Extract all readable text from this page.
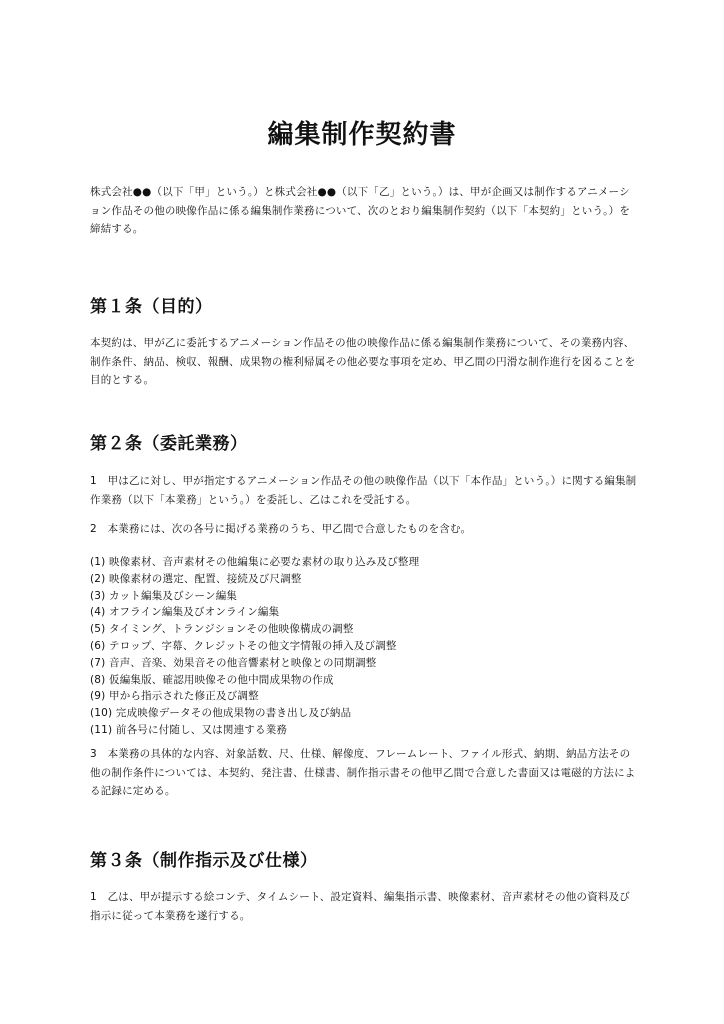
編集制作契約書
株式会社●●（以下「甲」という。）と株式会社●●（以下「乙」という。）は、甲が企画又は制作するアニメーション作品その他の映像作品に係る編集制作業務について、次のとおり編集制作契約（以下「本契約」という。）を締結する。
第１条（目的）
本契約は、甲が乙に委託するアニメーション作品その他の映像作品に係る編集制作業務について、その業務内容、制作条件、納品、検収、報酬、成果物の権利帰属その他必要な事項を定め、甲乙間の円滑な制作進行を図ることを目的とする。
第２条（委託業務）
1　甲は乙に対し、甲が指定するアニメーション作品その他の映像作品（以下「本作品」という。）に関する編集制作業務（以下「本業務」という。）を委託し、乙はこれを受託する。
2　本業務には、次の各号に掲げる業務のうち、甲乙間で合意したものを含む。
(1) 映像素材、音声素材その他編集に必要な素材の取り込み及び整理
(2) 映像素材の選定、配置、接続及び尺調整
(3) カット編集及びシーン編集
(4) オフライン編集及びオンライン編集
(5) タイミング、トランジションその他映像構成の調整
(6) テロップ、字幕、クレジットその他文字情報の挿入及び調整
(7) 音声、音楽、効果音その他音響素材と映像との同期調整
(8) 仮編集版、確認用映像その他中間成果物の作成
(9) 甲から指示された修正及び調整
(10) 完成映像データその他成果物の書き出し及び納品
(11) 前各号に付随し、又は関連する業務
3　本業務の具体的な内容、対象話数、尺、仕様、解像度、フレームレート、ファイル形式、納期、納品方法その他の制作条件については、本契約、発注書、仕様書、制作指示書その他甲乙間で合意した書面又は電磁的方法による記録に定める。
第３条（制作指示及び仕様）
1　乙は、甲が提示する絵コンテ、タイムシート、設定資料、編集指示書、映像素材、音声素材その他の資料及び指示に従って本業務を遂行する。
